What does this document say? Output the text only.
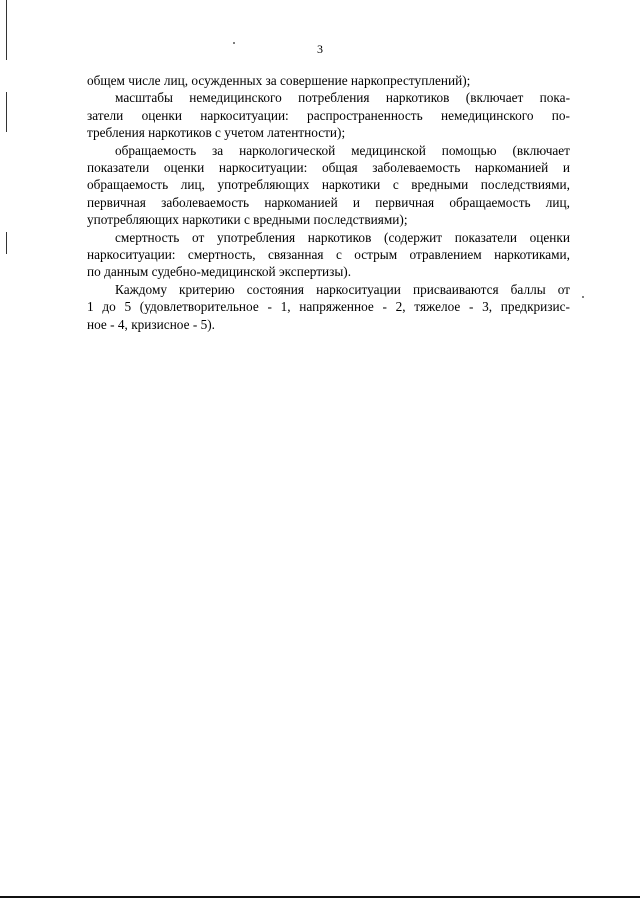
3
общем числе лиц, осужденных за совершение наркопреступлений);
масштабы немедицинского потребления наркотиков (включает пока-
затели оценки наркоситуации: распространенность немедицинского по-
требления наркотиков с учетом латентности);
обращаемость за наркологической медицинской помощью (включает
показатели оценки наркоситуации: общая заболеваемость наркоманией и
обращаемость лиц, употребляющих наркотики с вредными последствиями,
первичная заболеваемость наркоманией и первичная обращаемость лиц,
употребляющих наркотики с вредными последствиями);
смертность от употребления наркотиков (содержит показатели оценки
наркоситуации: смертность, связанная с острым отравлением наркотиками,
по данным судебно-медицинской экспертизы).
Каждому критерию состояния наркоситуации присваиваются баллы от
1 до 5 (удовлетворительное - 1, напряженное - 2, тяжелое - 3, предкризис-
ное - 4, кризисное - 5).
